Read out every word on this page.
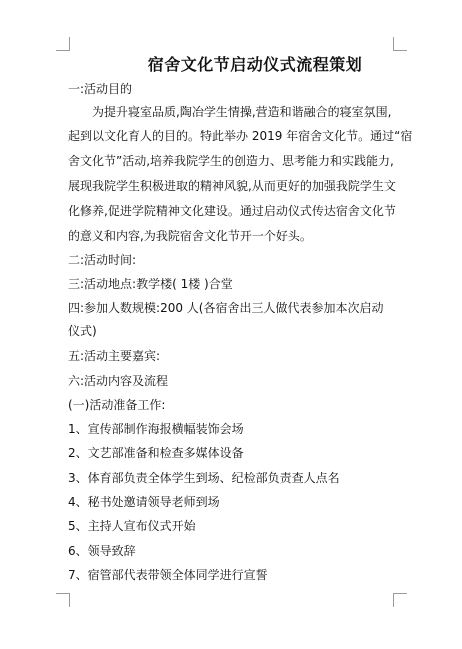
宿舍文化节启动仪式流程策划
一:活动目的
为提升寝室品质,陶冶学生情操,营造和谐融合的寝室氛围,
起到以文化育人的目的。特此举办 2019 年宿舍文化节。通过“宿
舍文化节”活动,培养我院学生的创造力、思考能力和实践能力,
展现我院学生积极进取的精神风貌,从而更好的加强我院学生文
化修养,促进学院精神文化建设。通过启动仪式传达宿舍文化节
的意义和内容,为我院宿舍文化节开一个好头。
二:活动时间:
三:活动地点:教学楼( 1楼 )合堂
四:参加人数规模:200 人(各宿舍出三人做代表参加本次启动
仪式)
五:活动主要嘉宾:
六:活动内容及流程
(一)活动准备工作:
1、宣传部制作海报横幅装饰会场
2、文艺部准备和检查多媒体设备
3、体育部负责全体学生到场、纪检部负责查人点名
4、秘书处邀请领导老师到场
5、主持人宣布仪式开始
6、领导致辞
7、宿管部代表带领全体同学进行宣誓
